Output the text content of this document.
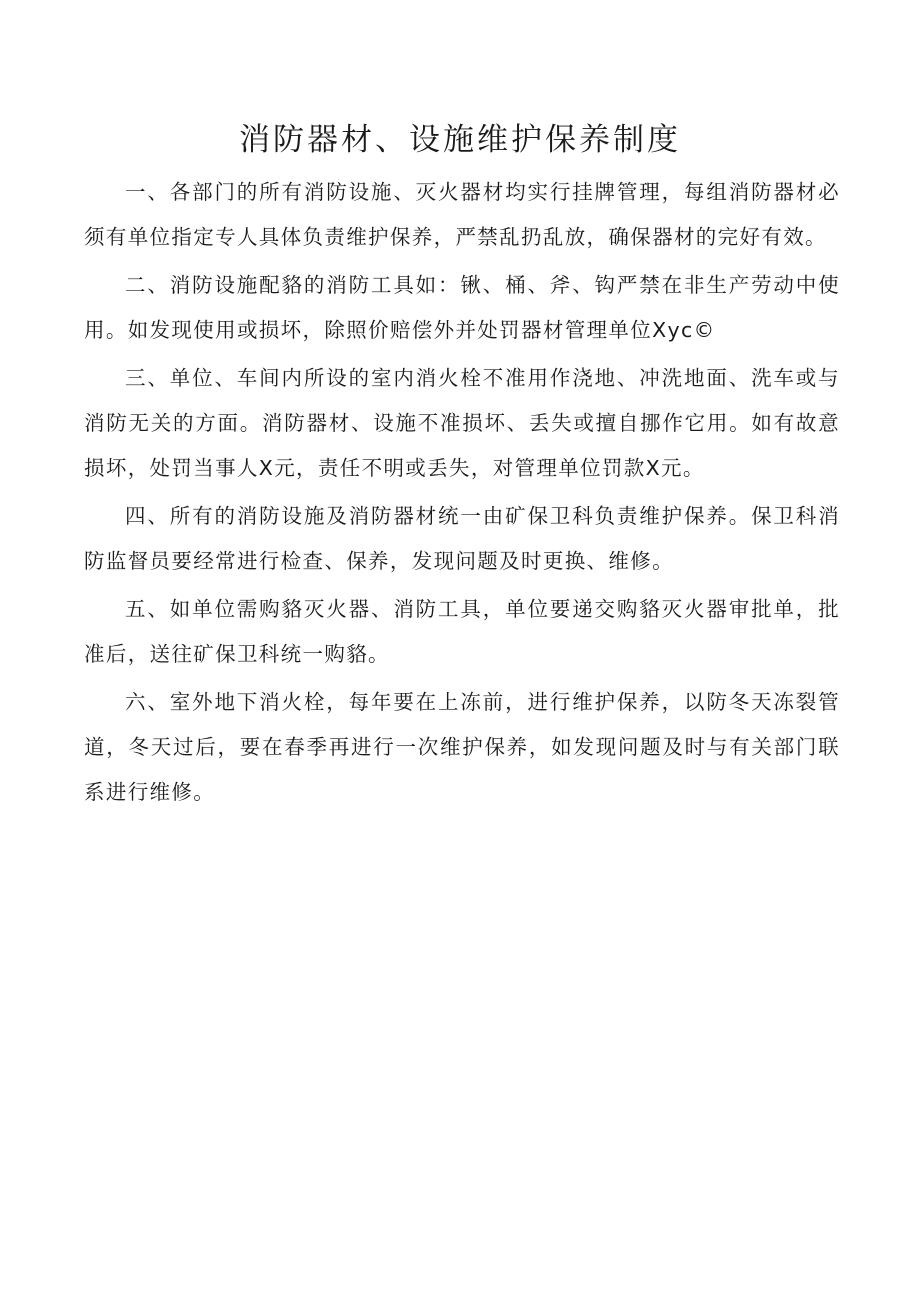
消防器材、设施维护保养制度

一、各部门的所有消防设施、灭火器材均实行挂牌管理，每组消防器材必须有单位指定专人具体负责维护保养，严禁乱扔乱放，确保器材的完好有效。

二、消防设施配貉的消防工具如：锹、桶、斧、钩严禁在非生产劳动中使用。如发现使用或损坏，除照价赔偿外并处罚器材管理单位Xyc©

三、单位、车间内所设的室内消火栓不准用作浇地、冲洗地面、洗车或与消防无关的方面。消防器材、设施不准损坏、丢失或擅自挪作它用。如有故意损坏，处罚当事人X元，责任不明或丢失，对管理单位罚款X元。

四、所有的消防设施及消防器材统一由矿保卫科负责维护保养。保卫科消防监督员要经常进行检查、保养，发现问题及时更换、维修。

五、如单位需购貉灭火器、消防工具，单位要递交购貉灭火器审批单，批准后，送往矿保卫科统一购貉。

六、室外地下消火栓，每年要在上冻前，进行维护保养，以防冬天冻裂管道，冬天过后，要在春季再进行一次维护保养，如发现问题及时与有关部门联系进行维修。
